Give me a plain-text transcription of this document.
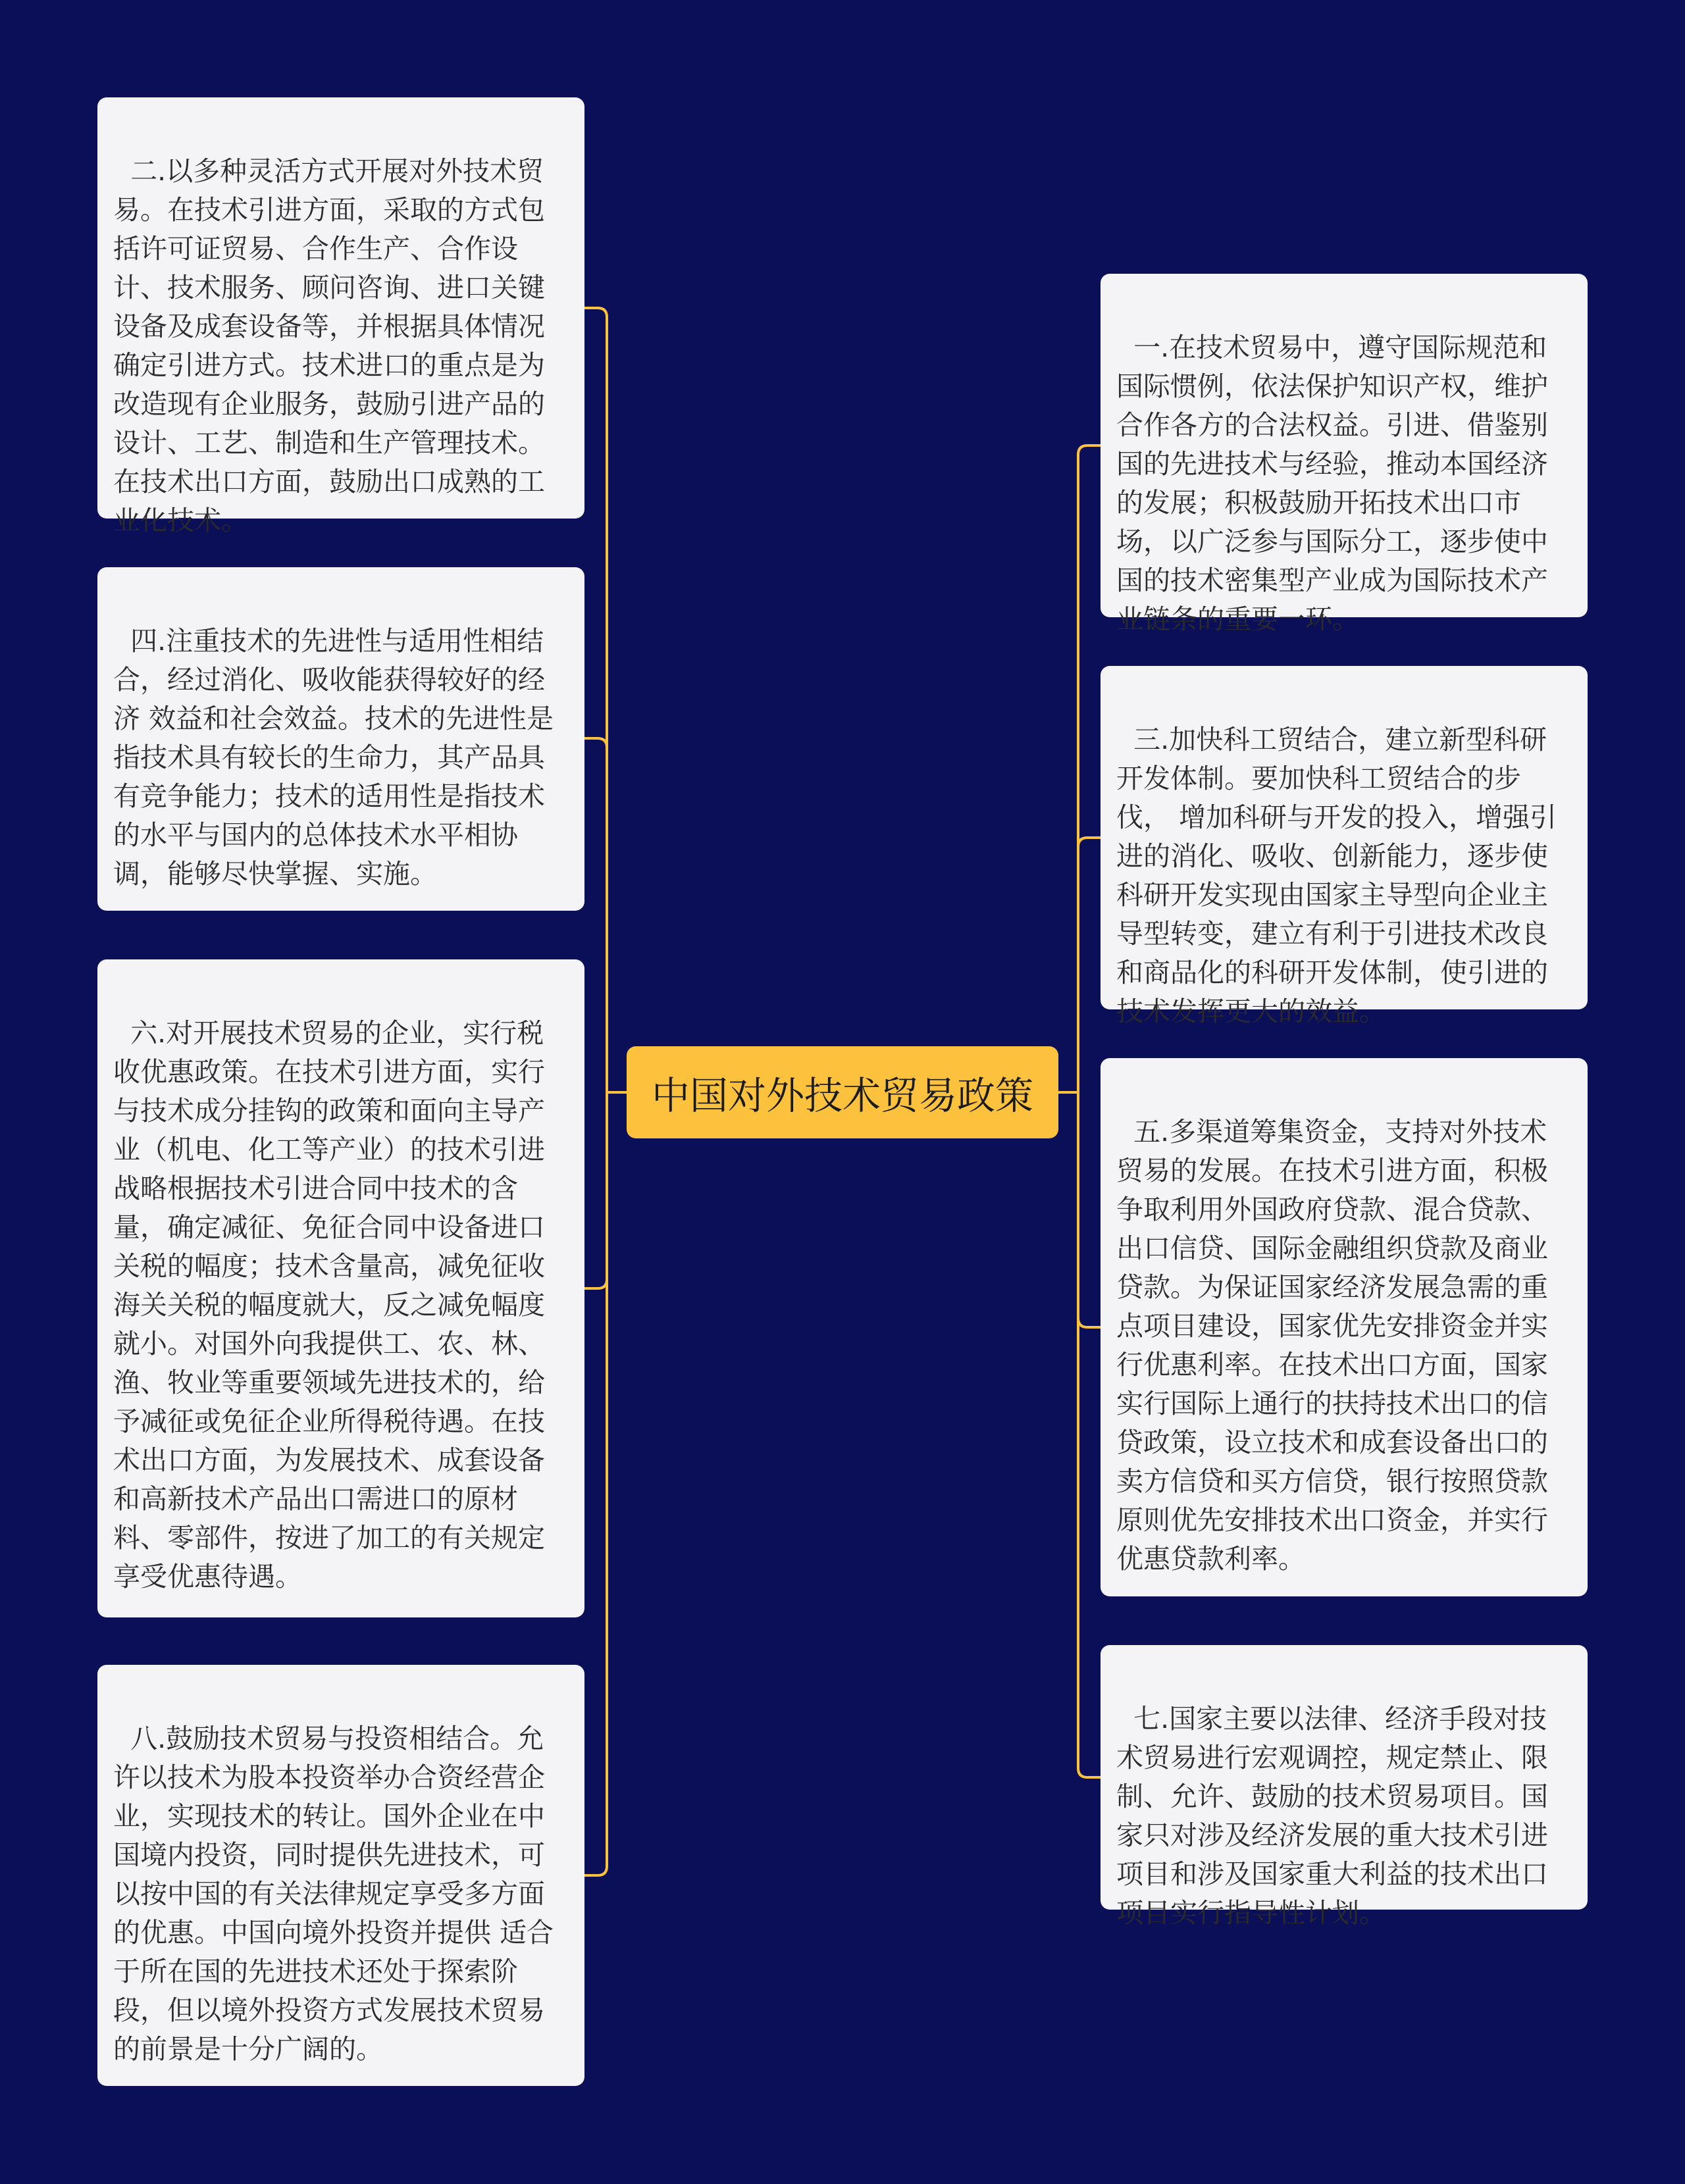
二.以多种灵活方式开展对外技术贸易。在技术引进方面，采取的方式包括许可证贸易、合作生产、合作设计、技术服务、顾问咨询、进口关键设备及成套设备等，并根据具体情况确定引进方式。技术进口的重点是为改造现有企业服务，鼓励引进产品的设计、工艺、制造和生产管理技术。在技术出口方面，鼓励出口成熟的工业化技术。

四.注重技术的先进性与适用性相结合，经过消化、吸收能获得较好的经济 效益和社会效益。技术的先进性是指技术具有较长的生命力，其产品具有竞争能力；技术的适用性是指技术的水平与国内的总体技术水平相协调，能够尽快掌握、实施。

六.对开展技术贸易的企业，实行税收优惠政策。在技术引进方面，实行与技术成分挂钩的政策和面向主导产业（机电、化工等产业）的技术引进战略根据技术引进合同中技术的含量，确定减征、免征合同中设备进口关税的幅度；技术含量高，减免征收海关关税的幅度就大，反之减免幅度就小。对国外向我提供工、农、林、渔、牧业等重要领域先进技术的，给予减征或免征企业所得税待遇。在技术出口方面，为发展技术、成套设备和高新技术产品出口需进口的原材料、零部件，按进了加工的有关规定享受优惠待遇。

八.鼓励技术贸易与投资相结合。允许以技术为股本投资举办合资经营企业，实现技术的转让。国外企业在中国境内投资，同时提供先进技术，可以按中国的有关法律规定享受多方面的优惠。中国向境外投资并提供 适合于所在国的先进技术还处于探索阶段，但以境外投资方式发展技术贸易的前景是十分广阔的。

中国对外技术贸易政策

一.在技术贸易中，遵守国际规范和国际惯例，依法保护知识产权，维护合作各方的合法权益。引进、借鉴别国的先进技术与经验，推动本国经济 的发展；积极鼓励开拓技术出口市场，以广泛参与国际分工，逐步使中国的技术密集型产业成为国际技术产业链条的重要一环。

三.加快科工贸结合，建立新型科研开发体制。要加快科工贸结合的步伐， 增加科研与开发的投入，增强引进的消化、吸收、创新能力，逐步使科研开发实现由国家主导型向企业主导型转变，建立有利于引进技术改良和商品化的科研开发体制，使引进的技术发挥更大的效益。

五.多渠道筹集资金，支持对外技术贸易的发展。在技术引进方面，积极争取利用外国政府贷款、混合贷款、出口信贷、国际金融组织贷款及商业贷款。为保证国家经济发展急需的重点项目建设，国家优先安排资金并实行优惠利率。在技术出口方面，国家实行国际上通行的扶持技术出口的信贷政策，设立技术和成套设备出口的卖方信贷和买方信贷，银行按照贷款原则优先安排技术出口资金，并实行优惠贷款利率。

七.国家主要以法律、经济手段对技术贸易进行宏观调控，规定禁止、限制、允许、鼓励的技术贸易项目。国家只对涉及经济发展的重大技术引进项目和涉及国家重大利益的技术出口项目实行指导性计划。
